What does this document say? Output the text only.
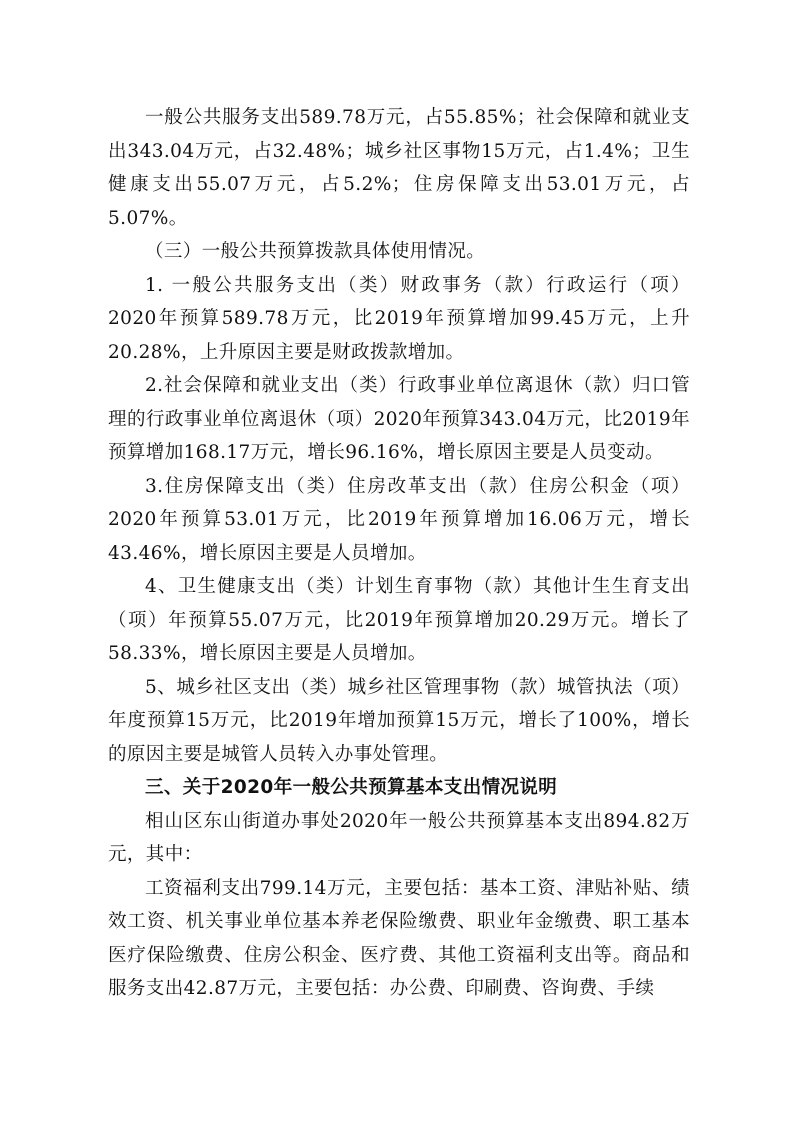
一般公共服务支出589.78万元，占55.85%；社会保障和就业支出343.04万元，占32.48%；城乡社区事物15万元，占1.4%；卫生健康支出55.07万元，占5.2%；住房保障支出53.01万元，占5.07%。

（三）一般公共预算拨款具体使用情况。

1. 一般公共服务支出（类）财政事务（款）行政运行（项）2020年预算589.78万元，比2019年预算增加99.45万元，上升20.28%，上升原因主要是财政拨款增加。

2.社会保障和就业支出（类）行政事业单位离退休（款）归口管理的行政事业单位离退休（项）2020年预算343.04万元，比2019年预算增加168.17万元，增长96.16%，增长原因主要是人员变动。

3.住房保障支出（类）住房改革支出（款）住房公积金（项）2020年预算53.01万元，比2019年预算增加16.06万元，增长43.46%，增长原因主要是人员增加。

4、卫生健康支出（类）计划生育事物（款）其他计生生育支出（项）年预算55.07万元，比2019年预算增加20.29万元。增长了58.33%，增长原因主要是人员增加。

5、城乡社区支出（类）城乡社区管理事物（款）城管执法（项）年度预算15万元，比2019年增加预算15万元，增长了100%，增长的原因主要是城管人员转入办事处管理。

三、关于2020年一般公共预算基本支出情况说明

相山区东山街道办事处2020年一般公共预算基本支出894.82万元，其中：

工资福利支出799.14万元，主要包括：基本工资、津贴补贴、绩效工资、机关事业单位基本养老保险缴费、职业年金缴费、职工基本医疗保险缴费、住房公积金、医疗费、其他工资福利支出等。商品和服务支出42.87万元，主要包括：办公费、印刷费、咨询费、手续
